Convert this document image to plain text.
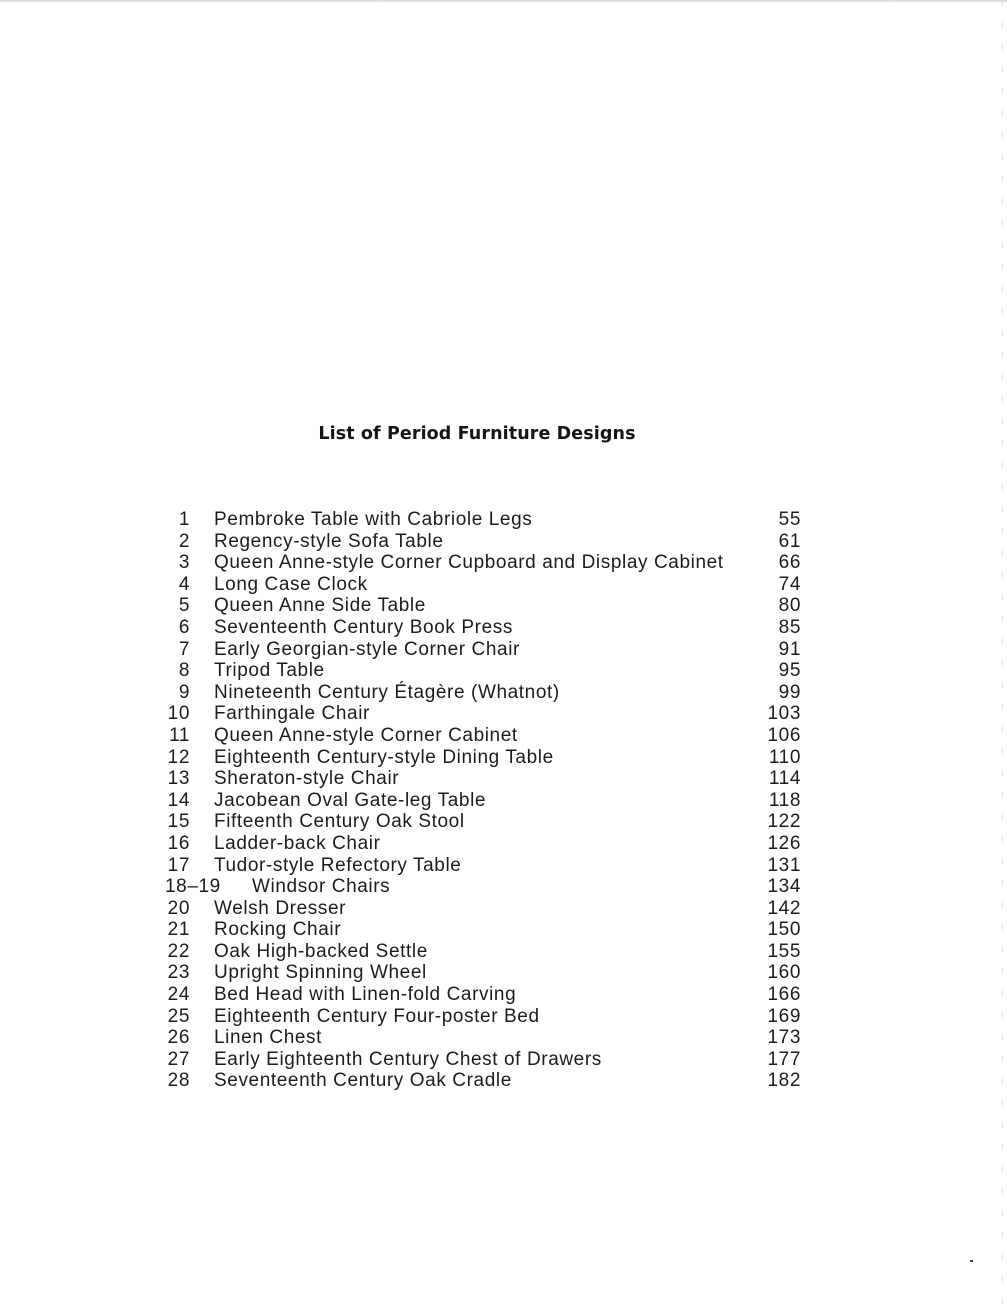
List of Period Furniture Designs
1 Pembroke Table with Cabriole Legs	55
2 Regency-style Sofa Table	61
3 Queen Anne-style Corner Cupboard and Display Cabinet	66
4 Long Case Clock	74
5 Queen Anne Side Table	80
6 Seventeenth Century Book Press	85
7 Early Georgian-style Corner Chair	91
8 Tripod Table	95
9 Nineteenth Century Étagère (Whatnot)	99
10 Farthingale Chair	103
11 Queen Anne-style Corner Cabinet	106
12 Eighteenth Century-style Dining Table	110
13 Sheraton-style Chair	114
14 Jacobean Oval Gate-leg Table	118
15 Fifteenth Century Oak Stool	122
16 Ladder-back Chair	126
17 Tudor-style Refectory Table	131
18–19 Windsor Chairs	134
20 Welsh Dresser	142
21 Rocking Chair	150
22 Oak High-backed Settle	155
23 Upright Spinning Wheel	160
24 Bed Head with Linen-fold Carving	166
25 Eighteenth Century Four-poster Bed	169
26 Linen Chest	173
27 Early Eighteenth Century Chest of Drawers	177
28 Seventeenth Century Oak Cradle	182
